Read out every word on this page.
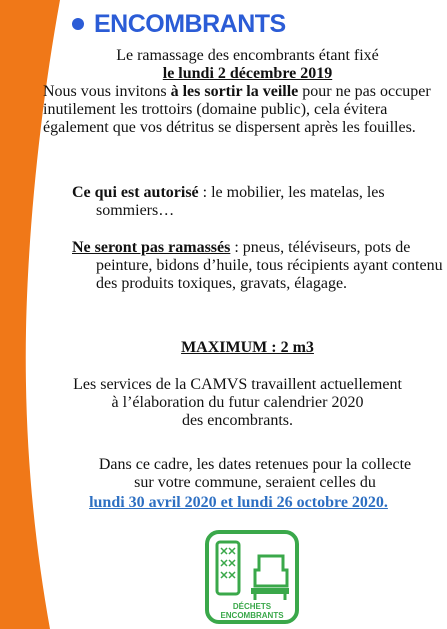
ENCOMBRANTS
Le ramassage des encombrants étant fixé
le lundi 2 décembre 2019
Nous vous invitons à les sortir la veille pour ne pas occuper inutilement les trottoirs (domaine public), cela évitera également que vos détritus se dispersent après les fouilles.
Ce qui est autorisé : le mobilier, les matelas, les sommiers…
Ne seront pas ramassés : pneus, téléviseurs, pots de peinture, bidons d’huile, tous récipients ayant contenu des produits toxiques, gravats, élagage.
MAXIMUM : 2 m3
Les services de la CAMVS travaillent actuellement
à l’élaboration du futur calendrier 2020
des encombrants.
Dans ce cadre, les dates retenues pour la collecte
sur votre commune, seraient celles du
lundi 30 avril 2020 et lundi 26 octobre 2020.
DÉCHETS
ENCOMBRANTS
